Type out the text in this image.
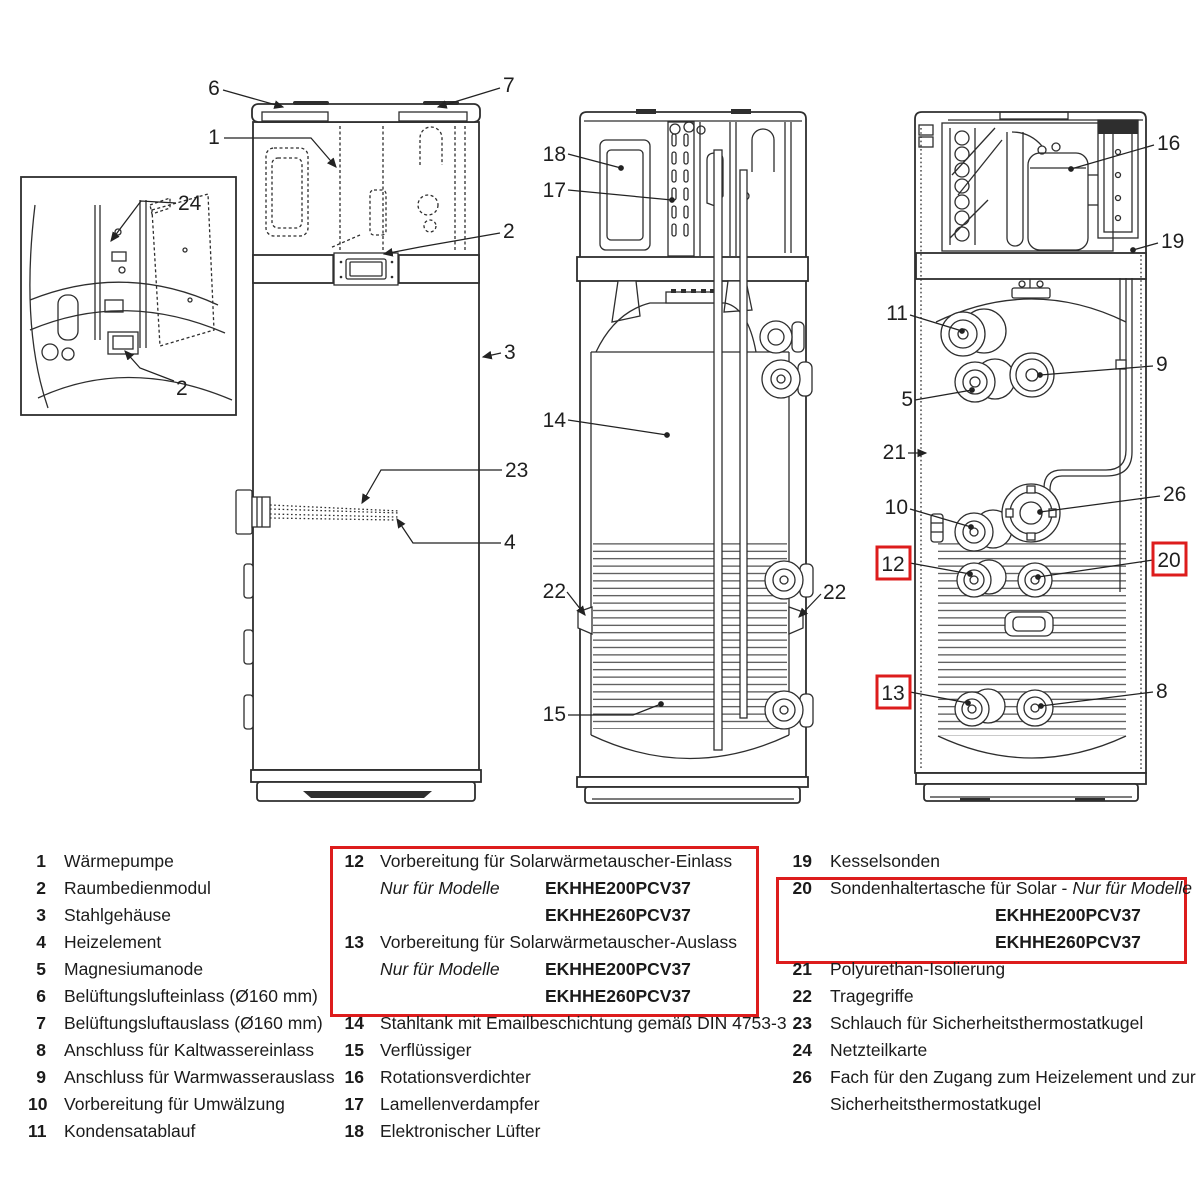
24
2
6	7
1
2
3
23
4
18
17
14
22	22
15
16
19
11
9
5
21
10
26
12	20
13	8
1 Wärmepumpe
2 Raumbedienmodul
3 Stahlgehäuse
4 Heizelement
5 Magnesiumanode
6 Belüftungslufteinlass (Ø160 mm)
7 Belüftungsluftauslass (Ø160 mm)
8 Anschluss für Kaltwassereinlass
9 Anschluss für Warmwasserauslass
10 Vorbereitung für Umwälzung
11 Kondensatablauf
12 Vorbereitung für Solarwärmetauscher-Einlass
Nur für Modelle	EKHHE200PCV37
EKHHE260PCV37
13 Vorbereitung für Solarwärmetauscher-Auslass
Nur für Modelle	EKHHE200PCV37
EKHHE260PCV37
14 Stahltank mit Emailbeschichtung gemäß DIN 4753-3
15 Verflüssiger
16 Rotationsverdichter
17 Lamellenverdampfer
18 Elektronischer Lüfter
19 Kesselsonden
20 Sondenhaltertasche für Solar - Nur für Modelle
EKHHE200PCV37
EKHHE260PCV37
21 Polyurethan-Isolierung
22 Tragegriffe
23 Schlauch für Sicherheitsthermostatkugel
24 Netzteilkarte
26 Fach für den Zugang zum Heizelement und zur
Sicherheitsthermostatkugel
